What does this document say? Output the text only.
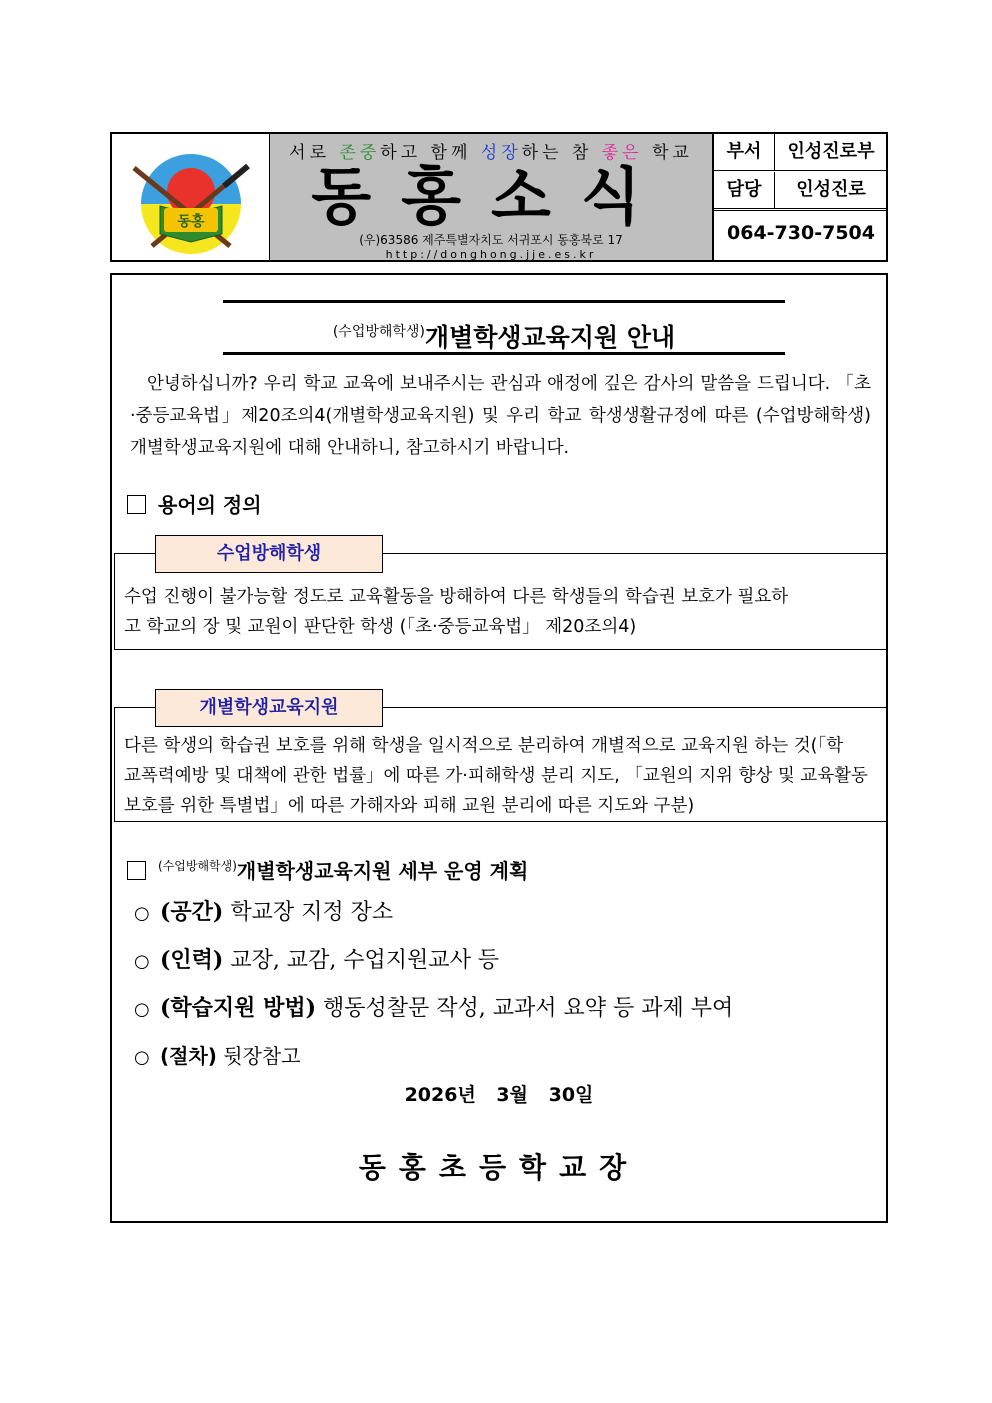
동홍
서로 존중하고 함께 성장하는 참 좋은 학교
동홍소식
(우)63586 제주특별자치도 서귀포시 동홍북로 17
http://donghong.jje.es.kr
부서	인성진로부
담당	인성진로
064-730-7504
$^{(수업방해학생)}$개별학생교육지원 안내
안녕하십니까? 우리 학교 교육에 보내주시는 관심과 애정에 깊은 감사의 말씀을 드립니다. 「초·중등교육법」제20조의4(개별학생교육지원) 및 우리 학교 학생생활규정에 따른 (수업방해학생)개별학생교육지원에 대해 안내하니, 참고하시기 바랍니다.
용어의 정의
수업방해학생
수업 진행이 불가능할 정도로 교육활동을 방해하여 다른 학생들의 학습권 보호가 필요하
고 학교의 장 및 교원이 판단한 학생 (「초·중등교육법」 제20조의4)
개별학생교육지원
다른 학생의 학습권 보호를 위해 학생을 일시적으로 분리하여 개별적으로 교육지원 하는 것(「학
교폭력예방 및 대책에 관한 법률」에 따른 가·피해학생 분리 지도, 「교원의 지위 향상 및 교육활동
보호를 위한 특별법」에 따른 가해자와 피해 교원 분리에 따른 지도와 구분)
$^{(수업방해학생)}$개별학생교육지원 세부 운영 계획
○ (공간) 학교장 지정 장소
○ (인력) 교장, 교감, 수업지원교사 등
○ (학습지원 방법) 행동성찰문 작성, 교과서 요약 등 과제 부여
○ (절차) 뒷장참고
2026년 3월 30일
동홍초등학교장
